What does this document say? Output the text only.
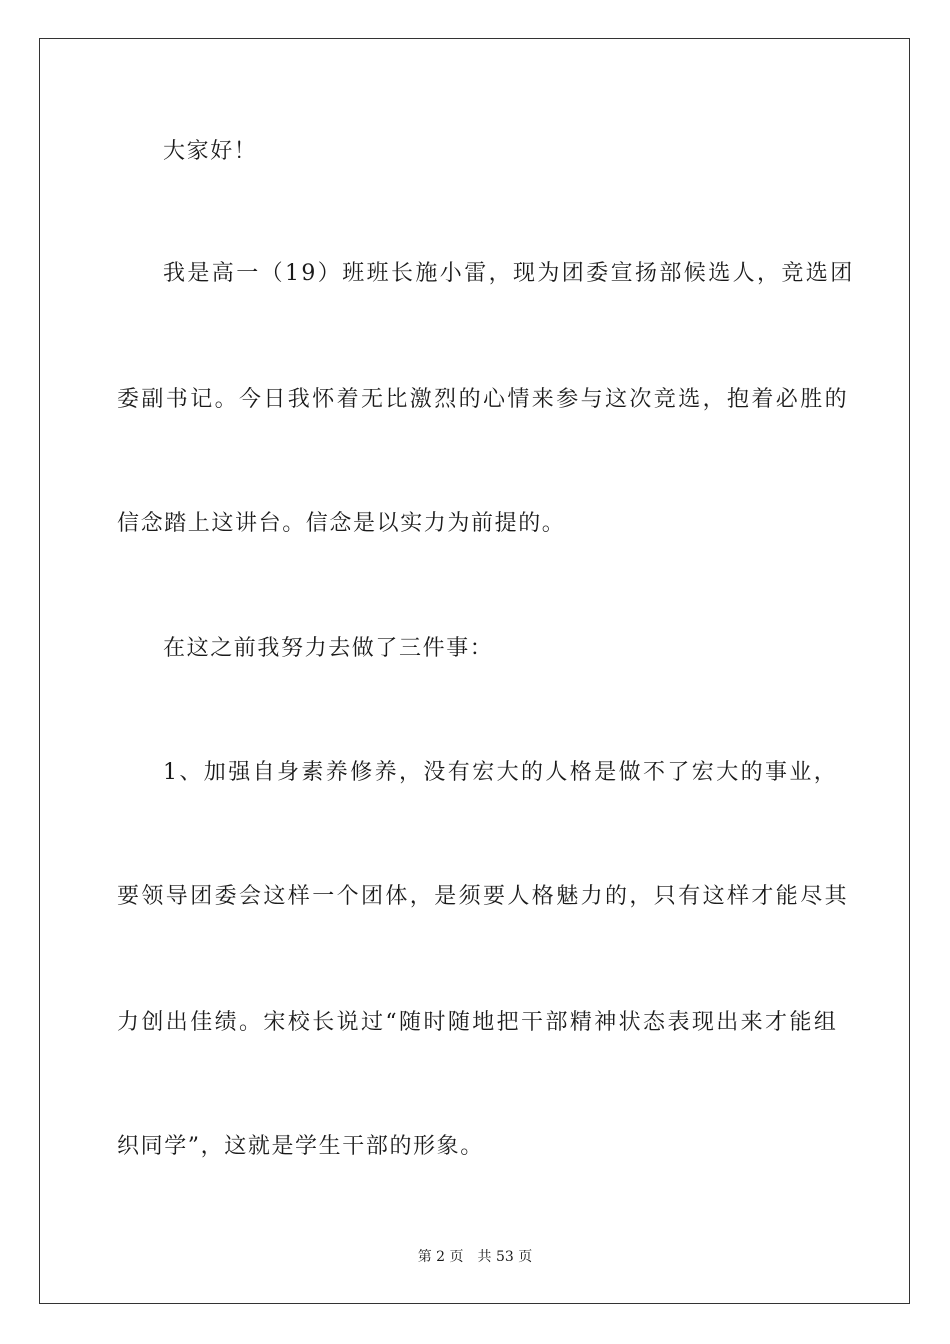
大家好！
我是高一（19）班班长施小雷，现为团委宣扬部候选人，竞选团
委副书记。今日我怀着无比激烈的心情来参与这次竞选，抱着必胜的
信念踏上这讲台。信念是以实力为前提的。
在这之前我努力去做了三件事：
1、加强自身素养修养，没有宏大的人格是做不了宏大的事业，
要领导团委会这样一个团体，是须要人格魅力的，只有这样才能尽其
力创出佳绩。宋校长说过“随时随地把干部精神状态表现出来才能组
织同学”，这就是学生干部的形象。
第 2 页 共 53 页
